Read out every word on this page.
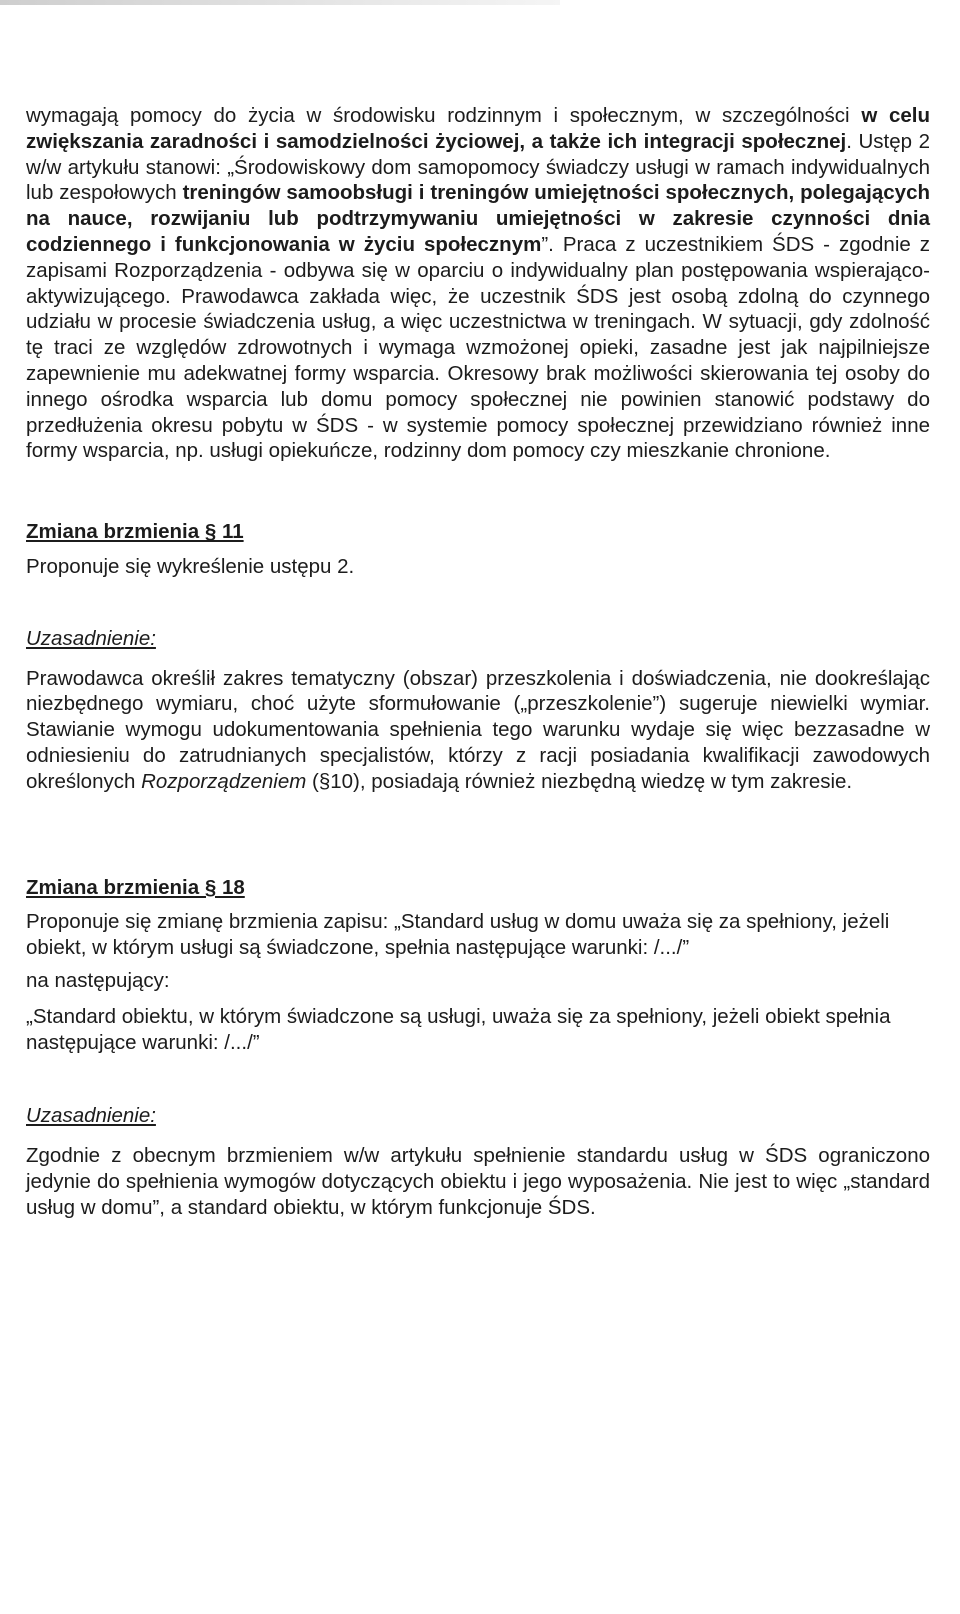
wymagają pomocy do życia w środowisku rodzinnym i społecznym, w szczególności w celu zwiększania zaradności i samodzielności życiowej, a także ich integracji społecznej. Ustęp 2 w/w artykułu stanowi: „Środowiskowy dom samopomocy świadczy usługi w ramach indywidualnych lub zespołowych treningów samoobsługi i treningów umiejętności społecznych, polegających na nauce, rozwijaniu lub podtrzymywaniu umiejętności w zakresie czynności dnia codziennego i funkcjonowania w życiu społecznym”. Praca z uczestnikiem ŚDS - zgodnie z zapisami Rozporządzenia - odbywa się w oparciu o indywidualny plan postępowania wspierająco-aktywizującego. Prawodawca zakłada więc, że uczestnik ŚDS jest osobą zdolną do czynnego udziału w procesie świadczenia usług, a więc uczestnictwa w treningach. W sytuacji, gdy zdolność tę traci ze względów zdrowotnych i wymaga wzmożonej opieki, zasadne jest jak najpilniejsze zapewnienie mu adekwatnej formy wsparcia. Okresowy brak możliwości skierowania tej osoby do innego ośrodka wsparcia lub domu pomocy społecznej nie powinien stanowić podstawy do przedłużenia okresu pobytu w ŚDS - w systemie pomocy społecznej przewidziano również inne formy wsparcia, np. usługi opiekuńcze, rodzinny dom pomocy czy mieszkanie chronione.

Zmiana brzmienia § 11

Proponuje się wykreślenie ustępu 2.

Uzasadnienie:

Prawodawca określił zakres tematyczny (obszar) przeszkolenia i doświadczenia, nie dookreślając niezbędnego wymiaru, choć użyte sformułowanie („przeszkolenie”) sugeruje niewielki wymiar. Stawianie wymogu udokumentowania spełnienia tego warunku wydaje się więc bezzasadne w odniesieniu do zatrudnianych specjalistów, którzy z racji posiadania kwalifikacji zawodowych określonych Rozporządzeniem (§10), posiadają również niezbędną wiedzę w tym zakresie.

Zmiana brzmienia § 18

Proponuje się zmianę brzmienia zapisu: „Standard usług w domu uważa się za spełniony, jeżeli obiekt, w którym usługi są świadczone, spełnia następujące warunki: /.../”

na następujący:

„Standard obiektu, w którym świadczone są usługi, uważa się za spełniony, jeżeli obiekt spełnia następujące warunki: /.../”

Uzasadnienie:

Zgodnie z obecnym brzmieniem w/w artykułu spełnienie standardu usług w ŚDS ograniczono jedynie do spełnienia wymogów dotyczących obiektu i jego wyposażenia. Nie jest to więc „standard usług w domu”, a standard obiektu, w którym funkcjonuje ŚDS.
